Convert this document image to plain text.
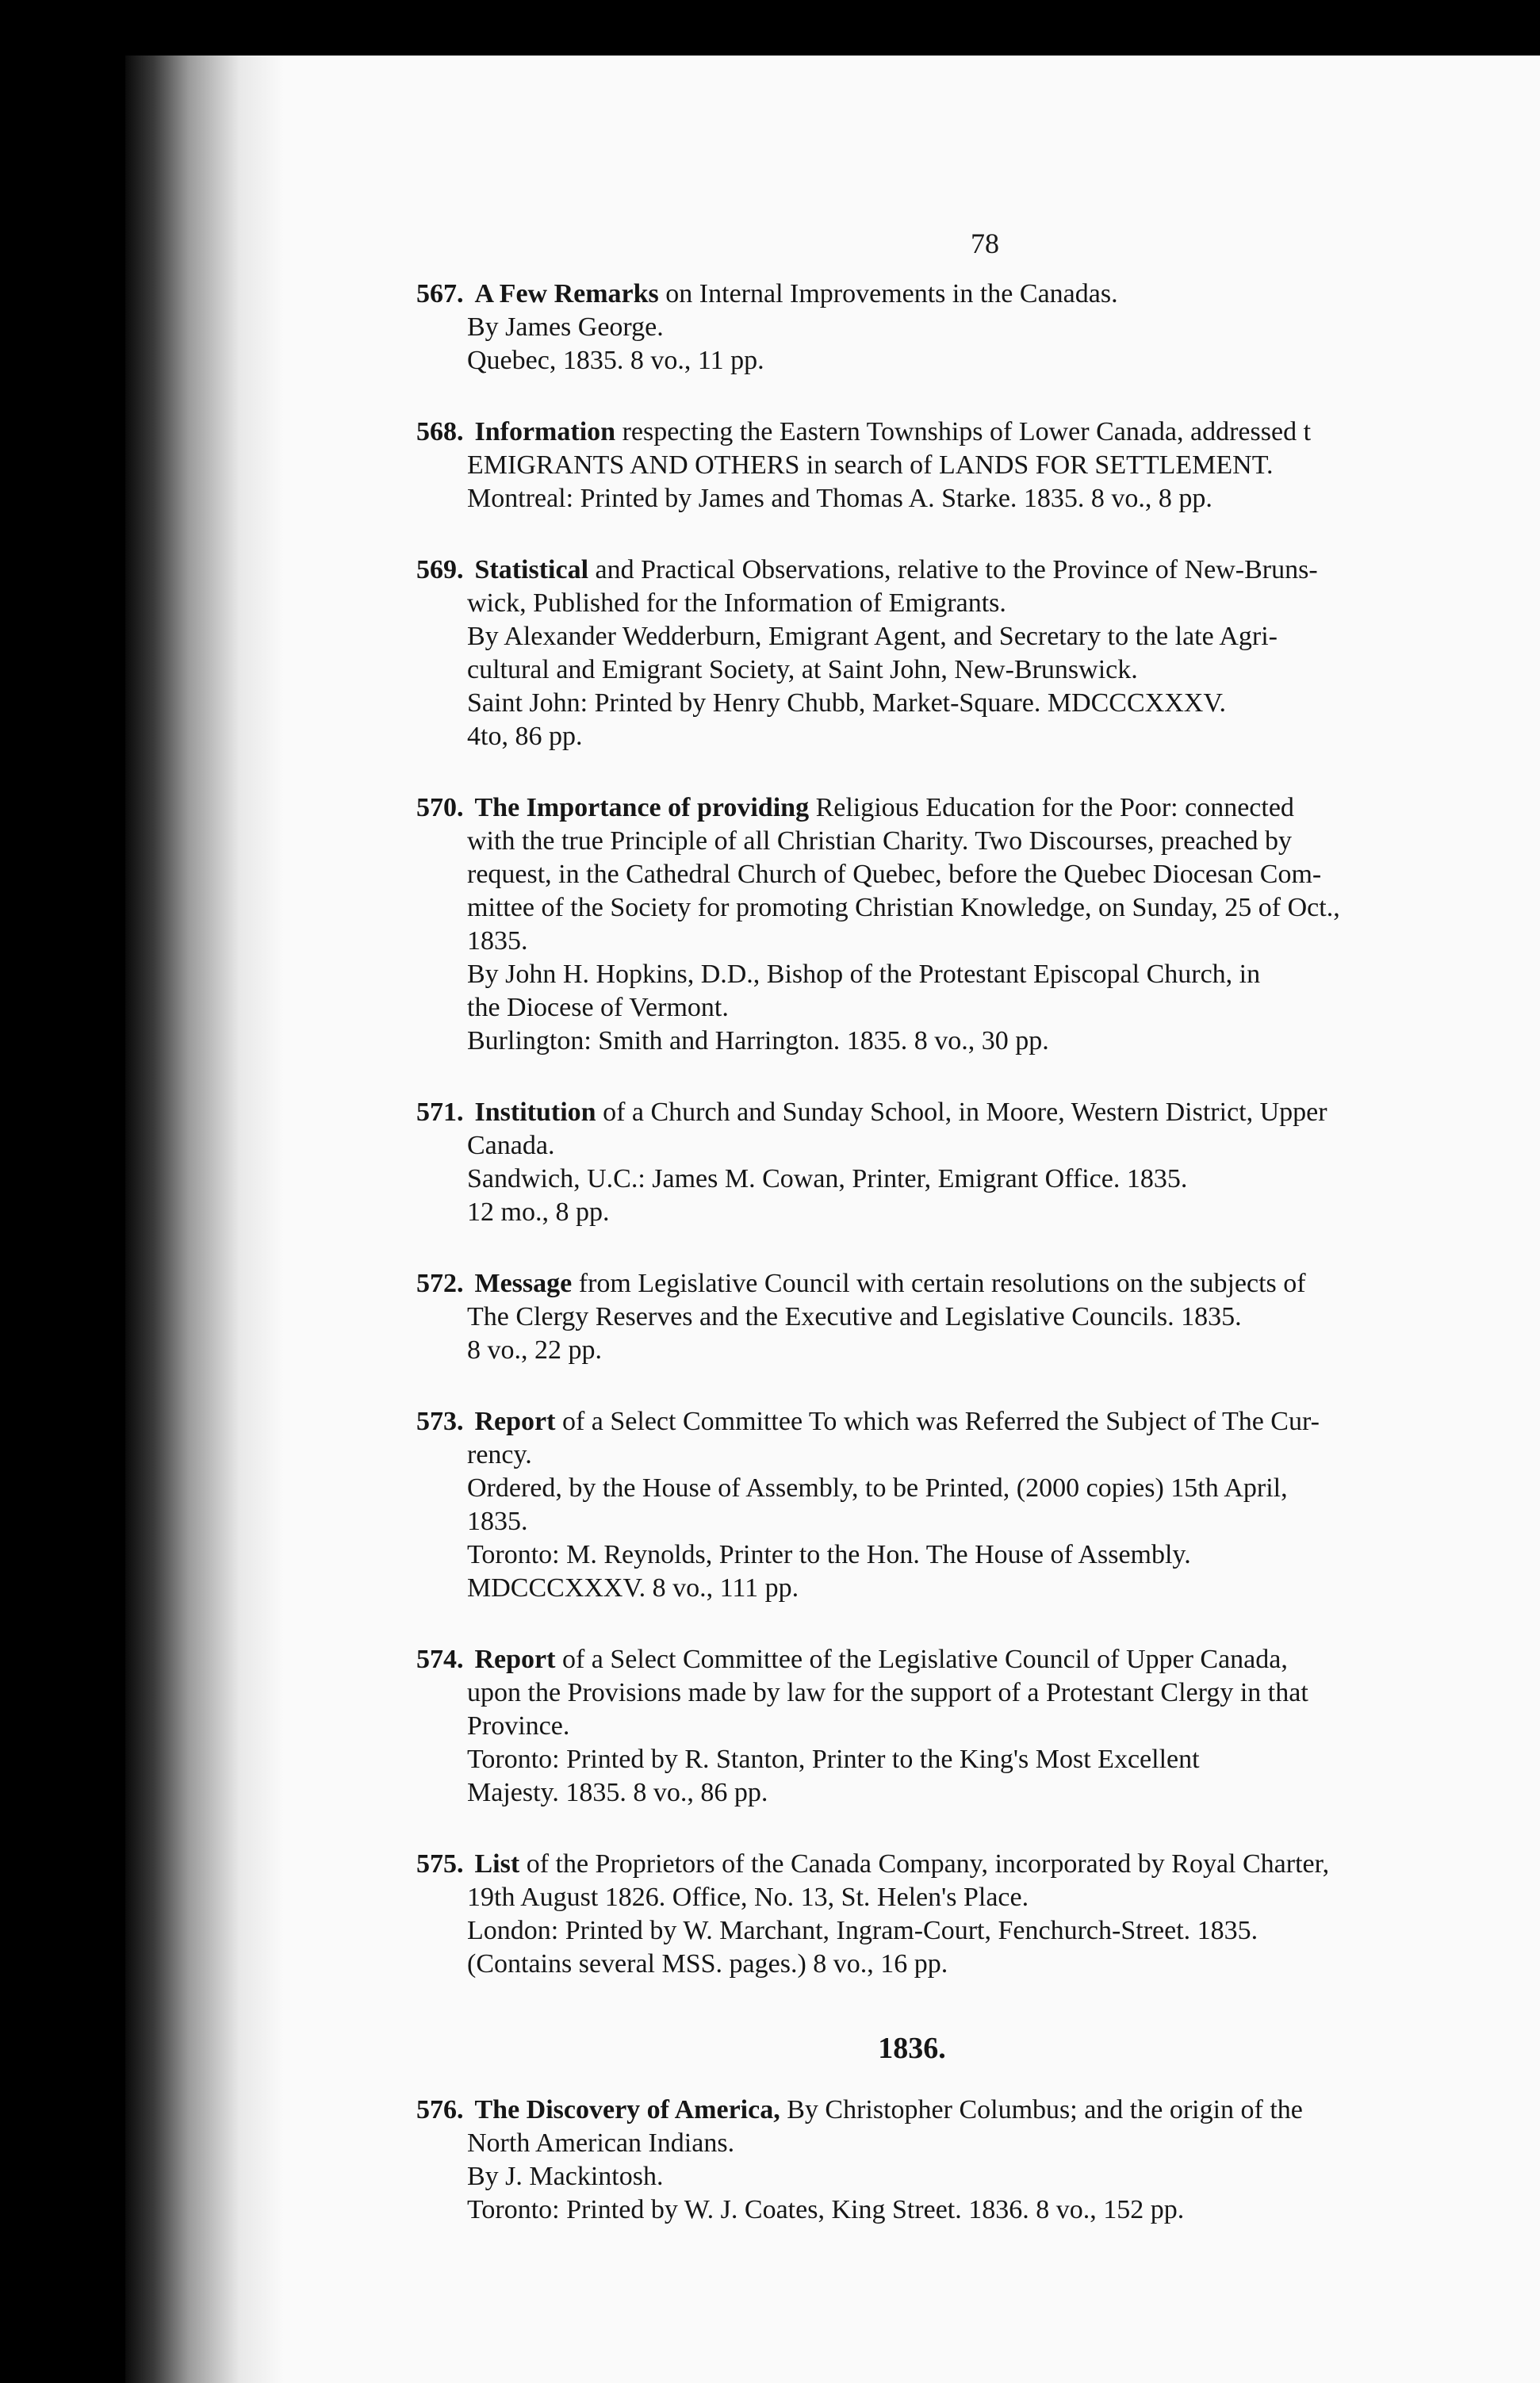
78
567. A Few Remarks on Internal Improvements in the Canadas.
By James George.
Quebec, 1835. 8 vo., 11 pp.
568. Information respecting the Eastern Townships of Lower Canada, addressed t
EMIGRANTS AND OTHERS in search of LANDS FOR SETTLEMENT.
Montreal: Printed by James and Thomas A. Starke. 1835. 8 vo., 8 pp.
569. Statistical and Practical Observations, relative to the Province of New-Bruns-
wick, Published for the Information of Emigrants.
By Alexander Wedderburn, Emigrant Agent, and Secretary to the late Agri-
cultural and Emigrant Society, at Saint John, New-Brunswick.
Saint John: Printed by Henry Chubb, Market-Square. MDCCCXXXV.
4to, 86 pp.
570. The Importance of providing Religious Education for the Poor: connected
with the true Principle of all Christian Charity. Two Discourses, preached by
request, in the Cathedral Church of Quebec, before the Quebec Diocesan Com-
mittee of the Society for promoting Christian Knowledge, on Sunday, 25 of Oct.,
1835.
By John H. Hopkins, D.D., Bishop of the Protestant Episcopal Church, in
the Diocese of Vermont.
Burlington: Smith and Harrington. 1835. 8 vo., 30 pp.
571. Institution of a Church and Sunday School, in Moore, Western District, Upper
Canada.
Sandwich, U.C.: James M. Cowan, Printer, Emigrant Office. 1835.
12 mo., 8 pp.
572. Message from Legislative Council with certain resolutions on the subjects of
The Clergy Reserves and the Executive and Legislative Councils. 1835.
8 vo., 22 pp.
573. Report of a Select Committee To which was Referred the Subject of The Cur-
rency.
Ordered, by the House of Assembly, to be Printed, (2000 copies) 15th April,
1835.
Toronto: M. Reynolds, Printer to the Hon. The House of Assembly.
MDCCCXXXV. 8 vo., 111 pp.
574. Report of a Select Committee of the Legislative Council of Upper Canada,
upon the Provisions made by law for the support of a Protestant Clergy in that
Province.
Toronto: Printed by R. Stanton, Printer to the King's Most Excellent
Majesty. 1835. 8 vo., 86 pp.
575. List of the Proprietors of the Canada Company, incorporated by Royal Charter,
19th August 1826. Office, No. 13, St. Helen's Place.
London: Printed by W. Marchant, Ingram-Court, Fenchurch-Street. 1835.
(Contains several MSS. pages.) 8 vo., 16 pp.
1836.
576. The Discovery of America, By Christopher Columbus; and the origin of the
North American Indians.
By J. Mackintosh.
Toronto: Printed by W. J. Coates, King Street. 1836. 8 vo., 152 pp.
